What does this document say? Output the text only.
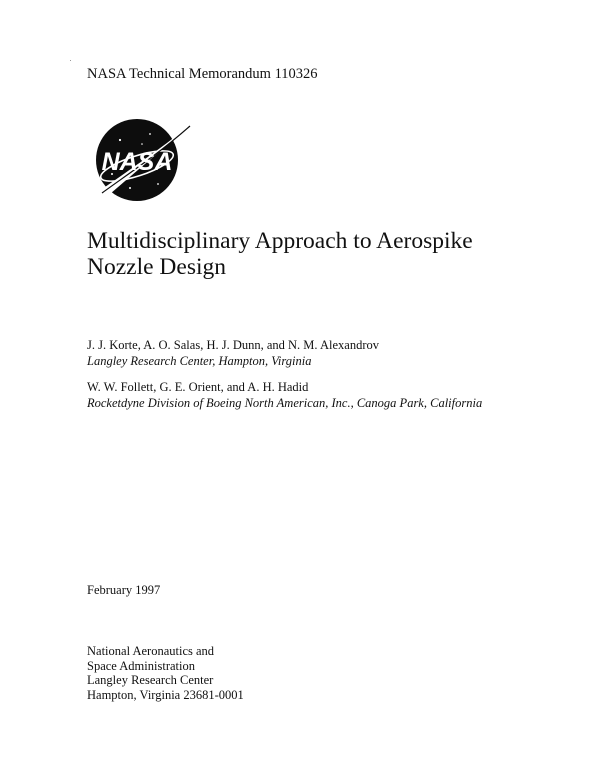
NASA Technical Memorandum 110326
NASA
Multidisciplinary Approach to Aerospike
Nozzle Design
J. J. Korte, A. O. Salas, H. J. Dunn, and N. M. Alexandrov
Langley Research Center, Hampton, Virginia
W. W. Follett, G. E. Orient, and A. H. Hadid
Rocketdyne Division of Boeing North American, Inc., Canoga Park, California
February 1997
National Aeronautics and
Space Administration
Langley Research Center
Hampton, Virginia 23681-0001
